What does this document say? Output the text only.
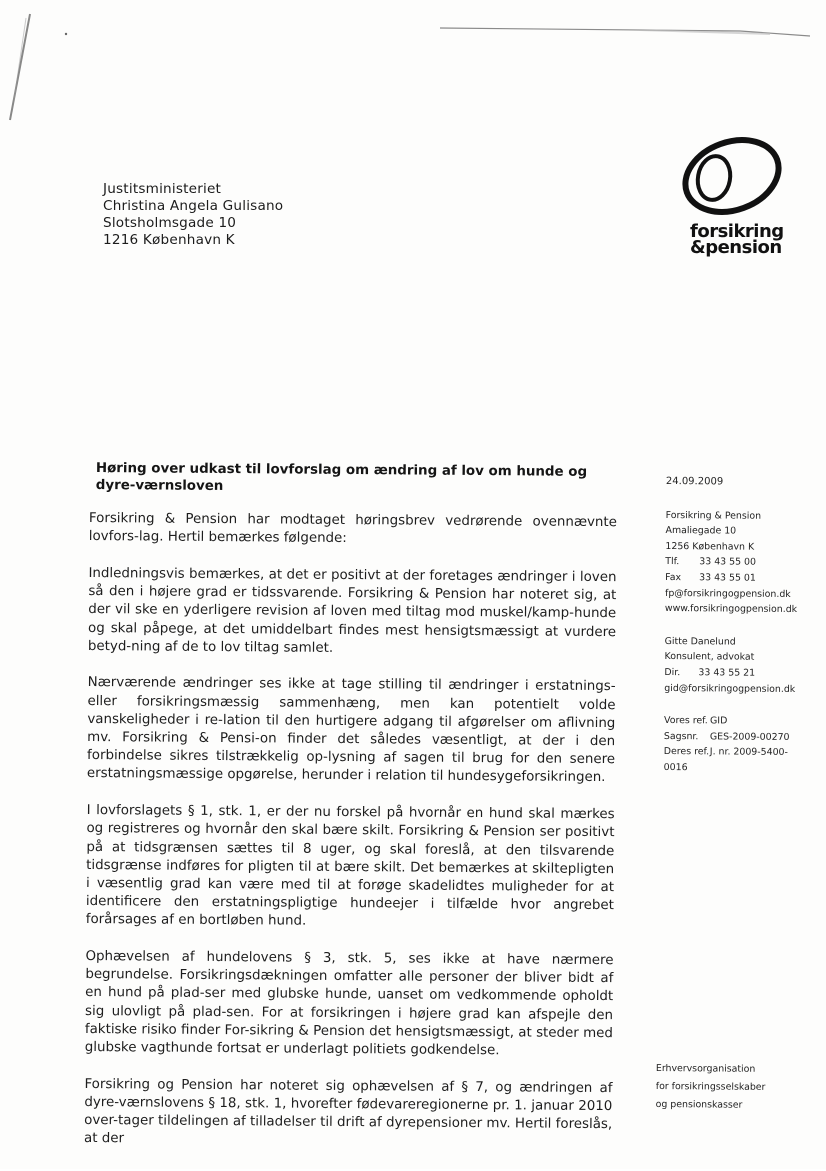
Justitsministeriet
Christina Angela Gulisano
Slotsholmsgade 10
1216 København K	forsikring
&pension
Høring over udkast til lovforslag om ændring af lov om hunde og dyre-værnsloven

Forsikring & Pension har modtaget høringsbrev vedrørende ovennævnte lovfors-lag. Hertil bemærkes følgende:

Indledningsvis bemærkes, at det er positivt at der foretages ændringer i loven så den i højere grad er tidssvarende. Forsikring & Pension har noteret sig, at der vil ske en yderligere revision af loven med tiltag mod muskel/kamp-hunde og skal påpege, at det umiddelbart findes mest hensigtsmæssigt at vurdere betyd-ning af de to lov tiltag samlet.

Nærværende ændringer ses ikke at tage stilling til ændringer i erstatnings- eller forsikringsmæssig sammenhæng, men kan potentielt volde vanskeligheder i re-lation til den hurtigere adgang til afgørelser om aflivning mv. Forsikring & Pensi-on finder det således væsentligt, at der i den forbindelse sikres tilstrækkelig op-lysning af sagen til brug for den senere erstatningsmæssige opgørelse, herunder i relation til hundesygeforsikringen.

I lovforslagets § 1, stk. 1, er der nu forskel på hvornår en hund skal mærkes og registreres og hvornår den skal bære skilt. Forsikring & Pension ser positivt på at tidsgrænsen sættes til 8 uger, og skal foreslå, at den tilsvarende tidsgrænse indføres for pligten til at bære skilt. Det bemærkes at skiltepligten i væsentlig grad kan være med til at forøge skadelidtes muligheder for at identificere den erstatningspligtige hundeejer i tilfælde hvor angrebet forårsages af en bortløben hund.

Ophævelsen af hundelovens § 3, stk. 5, ses ikke at have nærmere begrundelse. Forsikringsdækningen omfatter alle personer der bliver bidt af en hund på plad-ser med glubske hunde, uanset om vedkommende opholdt sig ulovligt på plad-sen. For at forsikringen i højere grad kan afspejle den faktiske risiko finder For-sikring & Pension det hensigtsmæssigt, at steder med glubske vagthunde fortsat er underlagt politiets godkendelse.

Forsikring og Pension har noteret sig ophævelsen af § 7, og ændringen af dyre-værnslovens § 18, stk. 1, hvorefter fødevareregionerne pr. 1. januar 2010 over-tager tildelingen af tilladelser til drift af dyrepensioner mv. Hertil foreslås, at der

24.09.2009
Forsikring & Pension
Amaliegade 10
1256 København K
Tlf. 33 43 55 00
Fax 33 43 55 01
fp@forsikringogpension.dk
www.forsikringogpension.dk
Gitte Danelund
Konsulent, advokat
Dir. 33 43 55 21
gid@forsikringogpension.dk
Vores ref. GID
Sagsnr. GES-2009-00270
Deres ref.J. nr. 2009-5400-
0016
Erhvervsorganisation
for forsikringsselskaber
og pensionskasser
